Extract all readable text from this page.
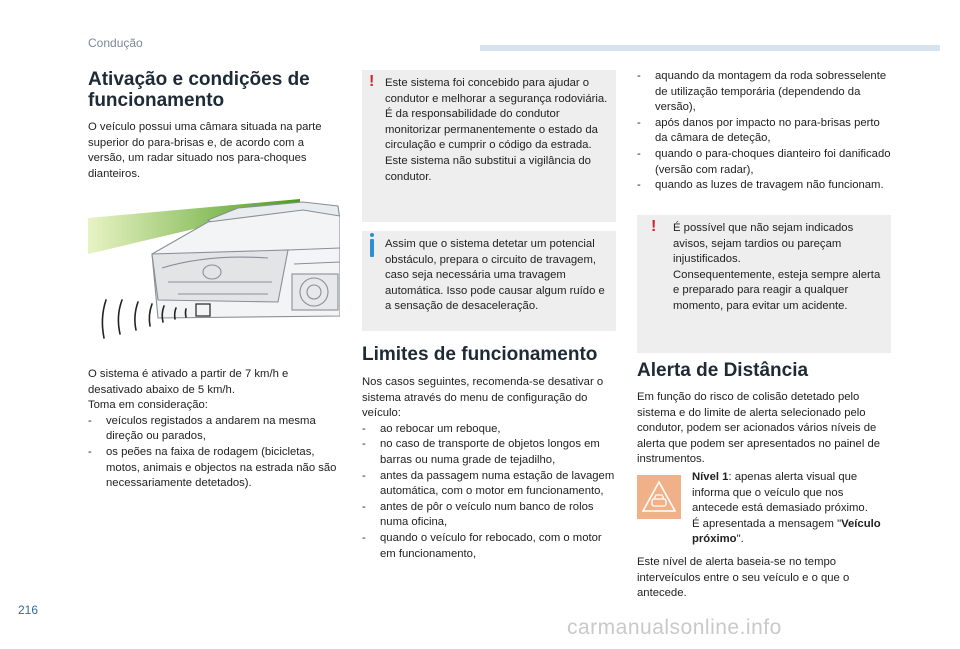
Condução
Ativação e condições de funcionamento

O veículo possui uma câmara situada na parte superior do para-brisas e, de acordo com a versão, um radar situado nos para-choques dianteiros.

O sistema é ativado a partir de 7 km/h e desativado abaixo de 5 km/h.

Toma em consideração:

- veículos registados a andarem na mesma direção ou parados,
- os peões na faixa de rodagem (bicicletas, motos, animais e objectos na estrada não são necessariamente detetados).
! Este sistema foi concebido para ajudar o condutor e melhorar a segurança rodoviária.

É da responsabilidade do condutor monitorizar permanentemente o estado da circulação e cumprir o código da estrada. Este sistema não substitui a vigilância do condutor.

Assim que o sistema detetar um potencial obstáculo, prepara o circuito de travagem, caso seja necessária uma travagem automática. Isso pode causar algum ruído e a sensação de desaceleração.

Limites de funcionamento

Nos casos seguintes, recomenda-se desativar o sistema através do menu de configuração do veículo:

- ao rebocar um reboque,
- no caso de transporte de objetos longos em barras ou numa grade de tejadilho,
- antes da passagem numa estação de lavagem automática, com o motor em funcionamento,
- antes de pôr o veículo num banco de rolos numa oficina,
- quando o veículo for rebocado, com o motor em funcionamento,
- aquando da montagem da roda sobresselente de utilização temporária (dependendo da versão),
- após danos por impacto no para-brisas perto da câmara de deteção,
- quando o para-choques dianteiro foi danificado (versão com radar),
- quando as luzes de travagem não funcionam.
! É possível que não sejam indicados avisos, sejam tardios ou pareçam injustificados.

Consequentemente, esteja sempre alerta e preparado para reagir a qualquer momento, para evitar um acidente.

Alerta de Distância

Em função do risco de colisão detetado pelo sistema e do limite de alerta selecionado pelo condutor, podem ser acionados vários níveis de alerta que podem ser apresentados no painel de instrumentos.

Nível 1: apenas alerta visual que informa que o veículo que nos antecede está demasiado próximo.

É apresentada a mensagem "Veículo próximo".

Este nível de alerta baseia-se no tempo interveículos entre o seu veículo e o que o antecede.

216
carmanualsonline.info
